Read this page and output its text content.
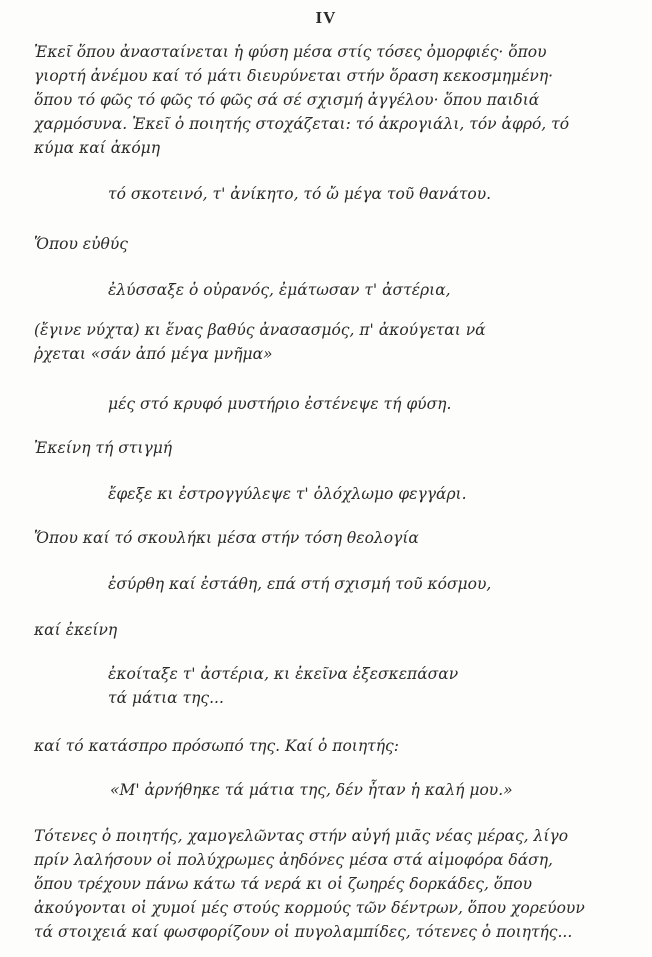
IV

Ἐκεῖ ὅπου ἀνασταίνεται ἡ φύση μέσα στίς τόσες ὀμορφιές· ὅπου
γιορτή ἀνέμου καί τό μάτι διευρύνεται στήν ὅραση κεκοσμημένη·
ὅπου τό φῶς τό φῶς τό φῶς σά σέ σχισμή ἀγγέλου· ὅπου παιδιά
χαρμόσυνα. Ἐκεῖ ὁ ποιητής στοχάζεται: τό ἀκρογιάλι, τόν ἀφρό, τό
κύμα καί ἀκόμη

τό σκοτεινό, τ' ἀνίκητο, τό ὤ μέγα τοῦ θανάτου.

Ὅπου εὐθύς

ἐλύσσαξε ὁ οὐρανός, ἐμάτωσαν τ' ἀστέρια,

(ἔγινε νύχτα) κι ἕνας βαθύς ἀνασασμός, π' ἀκούγεται νά
ῤχεται «σάν ἀπό μέγα μνῆμα»

μές στό κρυφό μυστήριο ἐστένεψε τή φύση.

Ἐκείνη τή στιγμή

ἔφεξε κι ἐστρογγύλεψε τ' ὁλόχλωμο φεγγάρι.

Ὅπου καί τό σκουλήκι μέσα στήν τόση θεολογία

ἐσύρθη καί ἐστάθη, επά στή σχισμή τοῦ κόσμου,

καί ἐκείνη

ἐκοίταξε τ' ἀστέρια, κι ἐκεῖνα ἐξεσκεπάσαν
τά μάτια της...

καί τό κατάσπρο πρόσωπό της. Καί ὁ ποιητής:

«Μ' ἀρνήθηκε τά μάτια της, δέν ἦταν ἡ καλή μου.»

Τότενες ὁ ποιητής, χαμογελῶντας στήν αὐγή μιᾶς νέας μέρας, λίγο
πρίν λαλήσουν οἱ πολύχρωμες ἀηδόνες μέσα στά αἱμοφόρα δάση,
ὅπου τρέχουν πάνω κάτω τά νερά κι οἱ ζωηρές δορκάδες, ὅπου
ἀκούγονται οἱ χυμοί μές στούς κορμούς τῶν δέντρων, ὅπου χορεύουν
τά στοιχειά καί φωσφορίζουν οἱ πυγολαμπίδες, τότενες ὁ ποιητής...
